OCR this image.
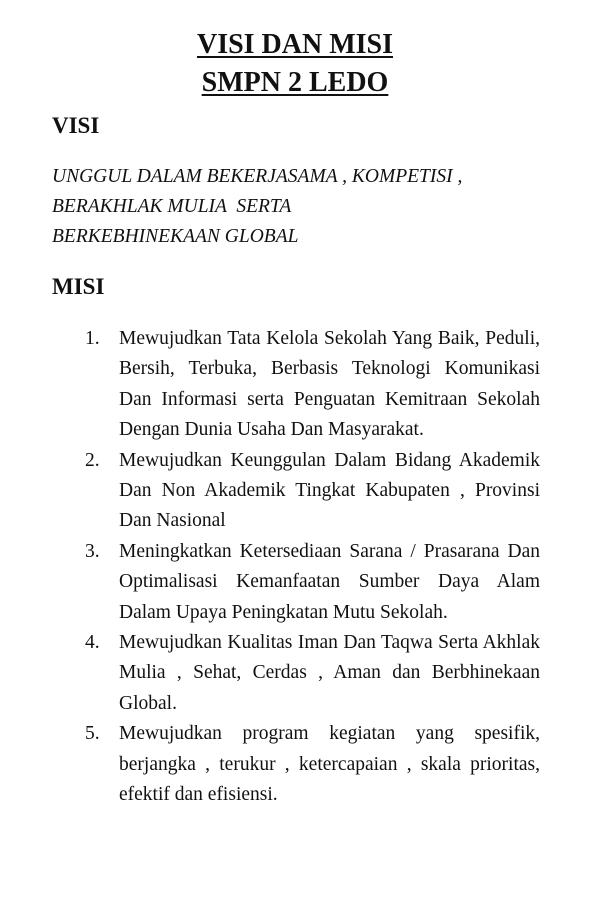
VISI DAN MISI
SMPN 2 LEDO
VISI
UNGGUL DALAM BEKERJASAMA , KOMPETISI ,
BERAKHLAK MULIA  SERTA
BERKEBHINEKAAN GLOBAL
MISI
1. Mewujudkan Tata Kelola Sekolah Yang Baik, Peduli, Bersih, Terbuka, Berbasis Teknologi Komunikasi Dan Informasi serta Penguatan Kemitraan Sekolah Dengan Dunia Usaha Dan Masyarakat.
2. Mewujudkan Keunggulan Dalam Bidang Akademik Dan Non Akademik Tingkat Kabupaten , Provinsi Dan Nasional
3. Meningkatkan Ketersediaan Sarana / Prasarana Dan Optimalisasi Kemanfaatan Sumber Daya Alam Dalam Upaya Peningkatan Mutu Sekolah.
4. Mewujudkan Kualitas Iman Dan Taqwa Serta Akhlak Mulia , Sehat, Cerdas , Aman dan Berbhinekaan Global.
5. Mewujudkan program kegiatan yang spesifik, berjangka , terukur , ketercapaian , skala prioritas, efektif dan efisiensi.
